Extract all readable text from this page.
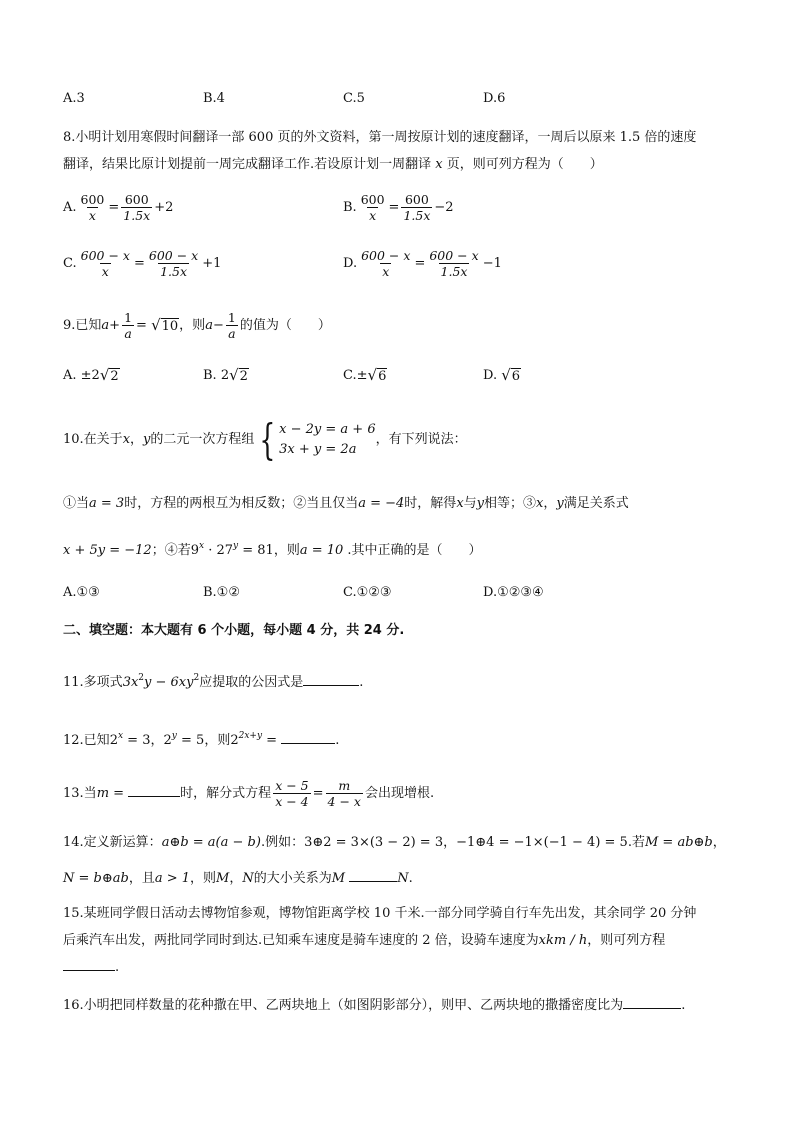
A.3	B.4	C.5	D.6
8.小明计划用寒假时间翻译一部 600 页的外文资料，第一周按原计划的速度翻译，一周后以原来 1.5 倍的速度
翻译，结果比原计划提前一周完成翻译工作.若设原计划一周翻译 x 页，则可列方程为（　　）
A. $\frac{600}{x} = \frac{600}{1.5x} +2$	B. $\frac{600}{x} = \frac{600}{1.5x} -2$
C. $\frac{600 - x}{x} = \frac{600 - x}{1.5x} +1$	D. $\frac{600 - x}{x} = \frac{600 - x}{1.5x} -1$
9.已知$a+ \frac{1}{a}$ = √ 10 ，则$a- \frac{1}{a}$ 的值为（　　）
A. ±2 √ 2	B. 2 √ 2	C.± √ 6	D. √ 6
10.在关于x，y的二元一次方程组 { x − 2y = a + 6
3x + y = 2a
，有下列说法：
①当a = 3时，方程的两根互为相反数；②当且仅当a = −4时，解得x与y相等；③x，y满足关系式
x + 5y = −12；④若$9^x \cdot 27^y = 81$，则a = 10 .其中正确的是（　　）
A.①③	B.①②	C.①②③	D.①②③④
二、填空题：本大题有 6 个小题，每小题 4 分，共 24 分.
11.多项式$3x^2y - 6xy^2$应提取的公因式是	.
12.已知$2^x = 3$，$2^y = 5$，则$2^{2x+y}$ =	.
13.当m =	时，解分式方程 $\frac{x - 5}{x - 4} = \frac{m}{4 - x}$ 会出现增根.
14.定义新运算：a⊕b = a(a − b).例如：3⊕2 = 3×(3 − 2) = 3，−1⊕4 = −1×(−1 − 4) = 5.若M = ab⊕b，
N = b⊕ab，且a > 1，则M，N的大小关系为M	N.
15.某班同学假日活动去博物馆参观，博物馆距离学校 10 千米.一部分同学骑自行车先出发，其余同学 20 分钟
后乘汽车出发，两批同学同时到达.已知乘车速度是骑车速度的 2 倍，设骑车速度为xkm / h，则可列方程
.
16.小明把同样数量的花种撒在甲、乙两块地上（如图阴影部分），则甲、乙两块地的撒播密度比为	.
